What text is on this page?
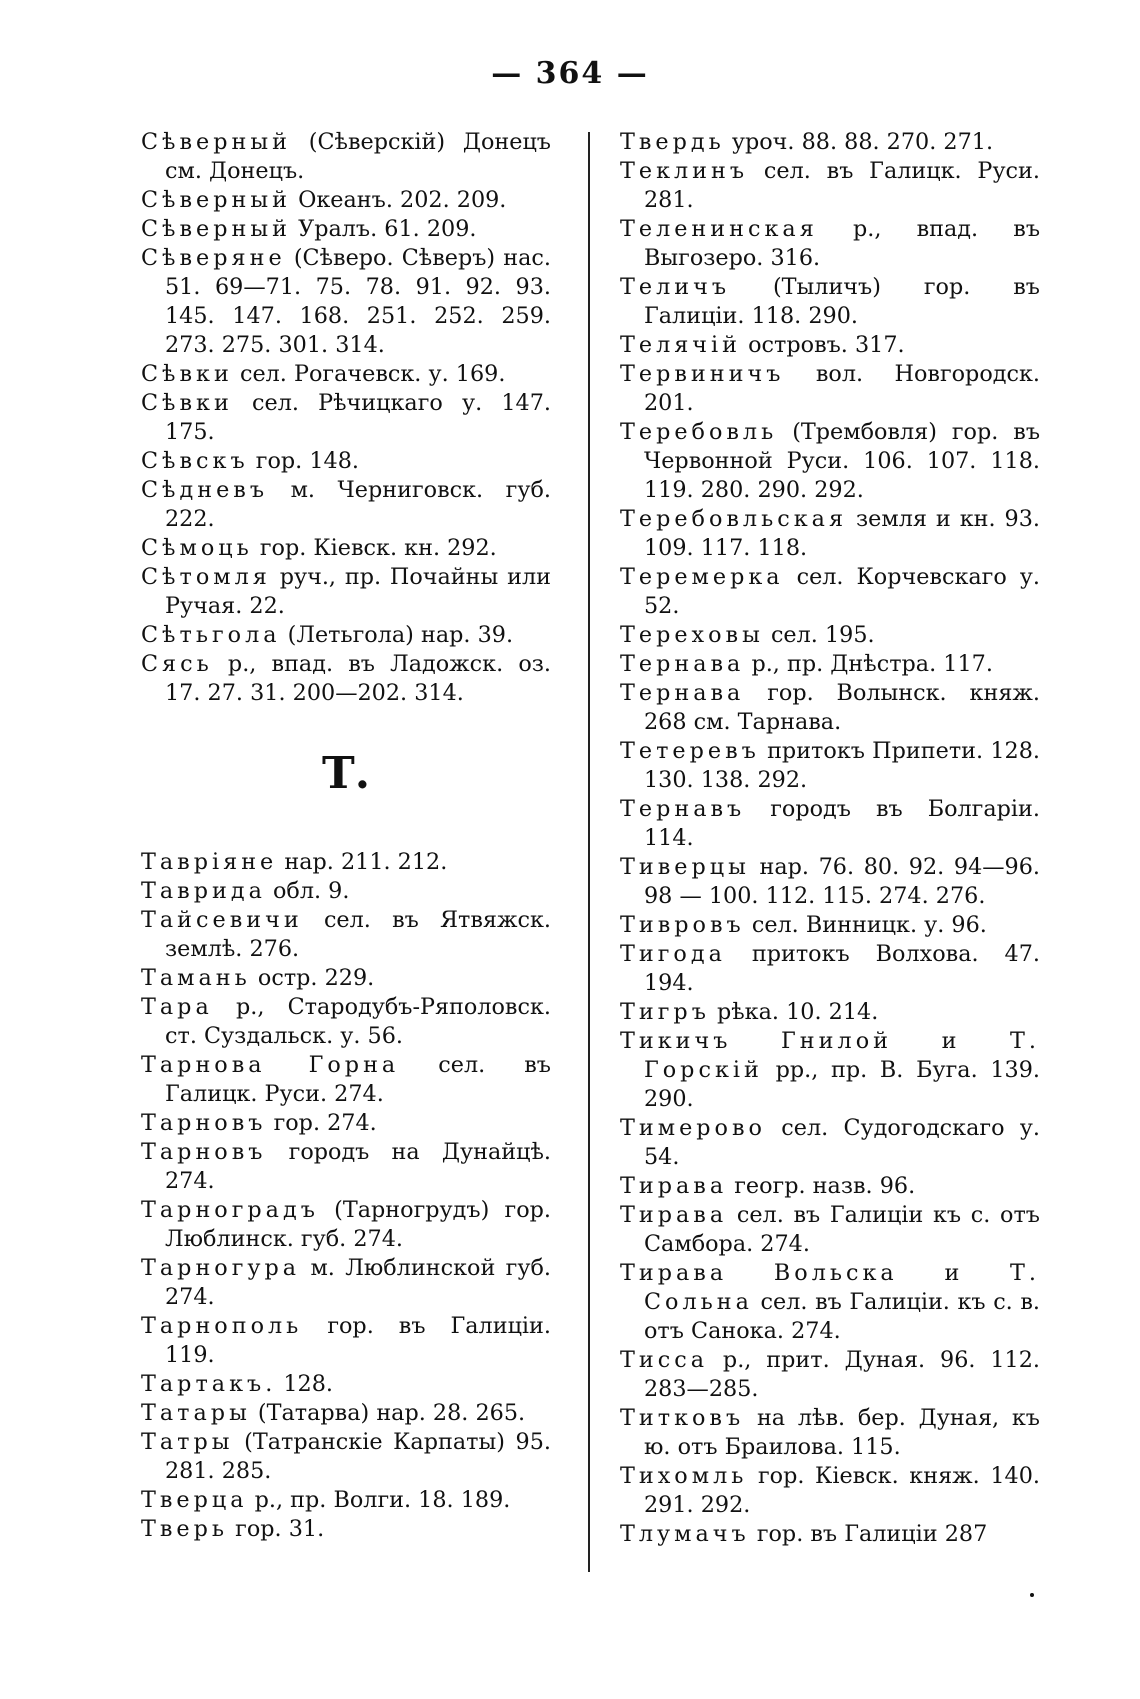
— 364 —
Сѣверный (Сѣверскій) Донецъ см. Донецъ.
Сѣверный Океанъ. 202. 209.
Сѣверный Уралъ. 61. 209.
Сѣверяне (Сѣверо. Сѣверъ) нас. 51. 69—71. 75. 78. 91. 92. 93. 145. 147. 168. 251. 252. 259. 273. 275. 301. 314.
Сѣвки сел. Рогачевск. у. 169.
Сѣвки сел. Рѣчицкаго у. 147. 175.
Сѣвскъ гор. 148.
Сѣдневъ м. Черниговск. губ. 222.
Сѣмоць гор. Кіевск. кн. 292.
Сѣтомля руч., пр. Почайны или Ручая. 22.
Сѣтьгола (Летьгола) нар. 39.
Сясь р., впад. въ Ладожск. оз. 17. 27. 31. 200—202. 314.
Т.
Тавріяне нар. 211. 212.
Таврида обл. 9.
Тайсевичи сел. въ Ятвяжск. землѣ. 276.
Тамань остр. 229.
Тара р., Стародубъ-Ряполовск. ст. Суздальск. у. 56.
Тарнова Горна сел. въ Галицк. Руси. 274.
Тарновъ гор. 274.
Тарновъ городъ на Дунайцѣ. 274.
Тарноградъ (Тарногрудъ) гор. Люблинск. губ. 274.
Тарногура м. Люблинской губ. 274.
Тарнополь гор. въ Галиціи. 119.
Тартакъ. 128.
Татары (Татарва) нар. 28. 265.
Татры (Татранскіе Карпаты) 95. 281. 285.
Тверца р., пр. Волги. 18. 189.
Тверь гор. 31.
Твердь уроч. 88. 88. 270. 271.
Теклинъ сел. въ Галицк. Руси. 281.
Теленинская р., впад. въ Выгозеро. 316.
Теличъ (Тыличъ) гор. въ Галиціи. 118. 290.
Телячій островъ. 317.
Тервиничъ вол. Новгородск. 201.
Теребовль (Трембовля) гор. въ Червонной Руси. 106. 107. 118. 119. 280. 290. 292.
Теребовльская земля и кн. 93. 109. 117. 118.
Теремерка сел. Корчевскаго у. 52.
Тереховы сел. 195.
Тернава р., пр. Днѣстра. 117.
Тернава гор. Волынск. княж. 268 см. Тарнава.
Тетеревъ притокъ Припети. 128. 130. 138. 292.
Тернавъ городъ въ Болгаріи. 114.
Тиверцы нар. 76. 80. 92. 94—96. 98 — 100. 112. 115. 274. 276.
Тивровъ сел. Винницк. у. 96.
Тигода притокъ Волхова. 47. 194.
Тигръ рѣка. 10. 214.
Тикичъ Гнилой и Т. Горскій рр., пр. В. Буга. 139. 290.
Тимерово сел. Судогодскаго у. 54.
Тирава геогр. назв. 96.
Тирава сел. въ Галиціи къ с. отъ Самбора. 274.
Тирава Вольска и Т. Сольна сел. въ Галиціи. къ с. в. отъ Санока. 274.
Тисса р., прит. Дуная. 96. 112. 283—285.
Титковъ на лѣв. бер. Дуная, къ ю. отъ Браилова. 115.
Тихомль гор. Кіевск. княж. 140. 291. 292.
Тлумачъ гор. въ Галиціи 287
